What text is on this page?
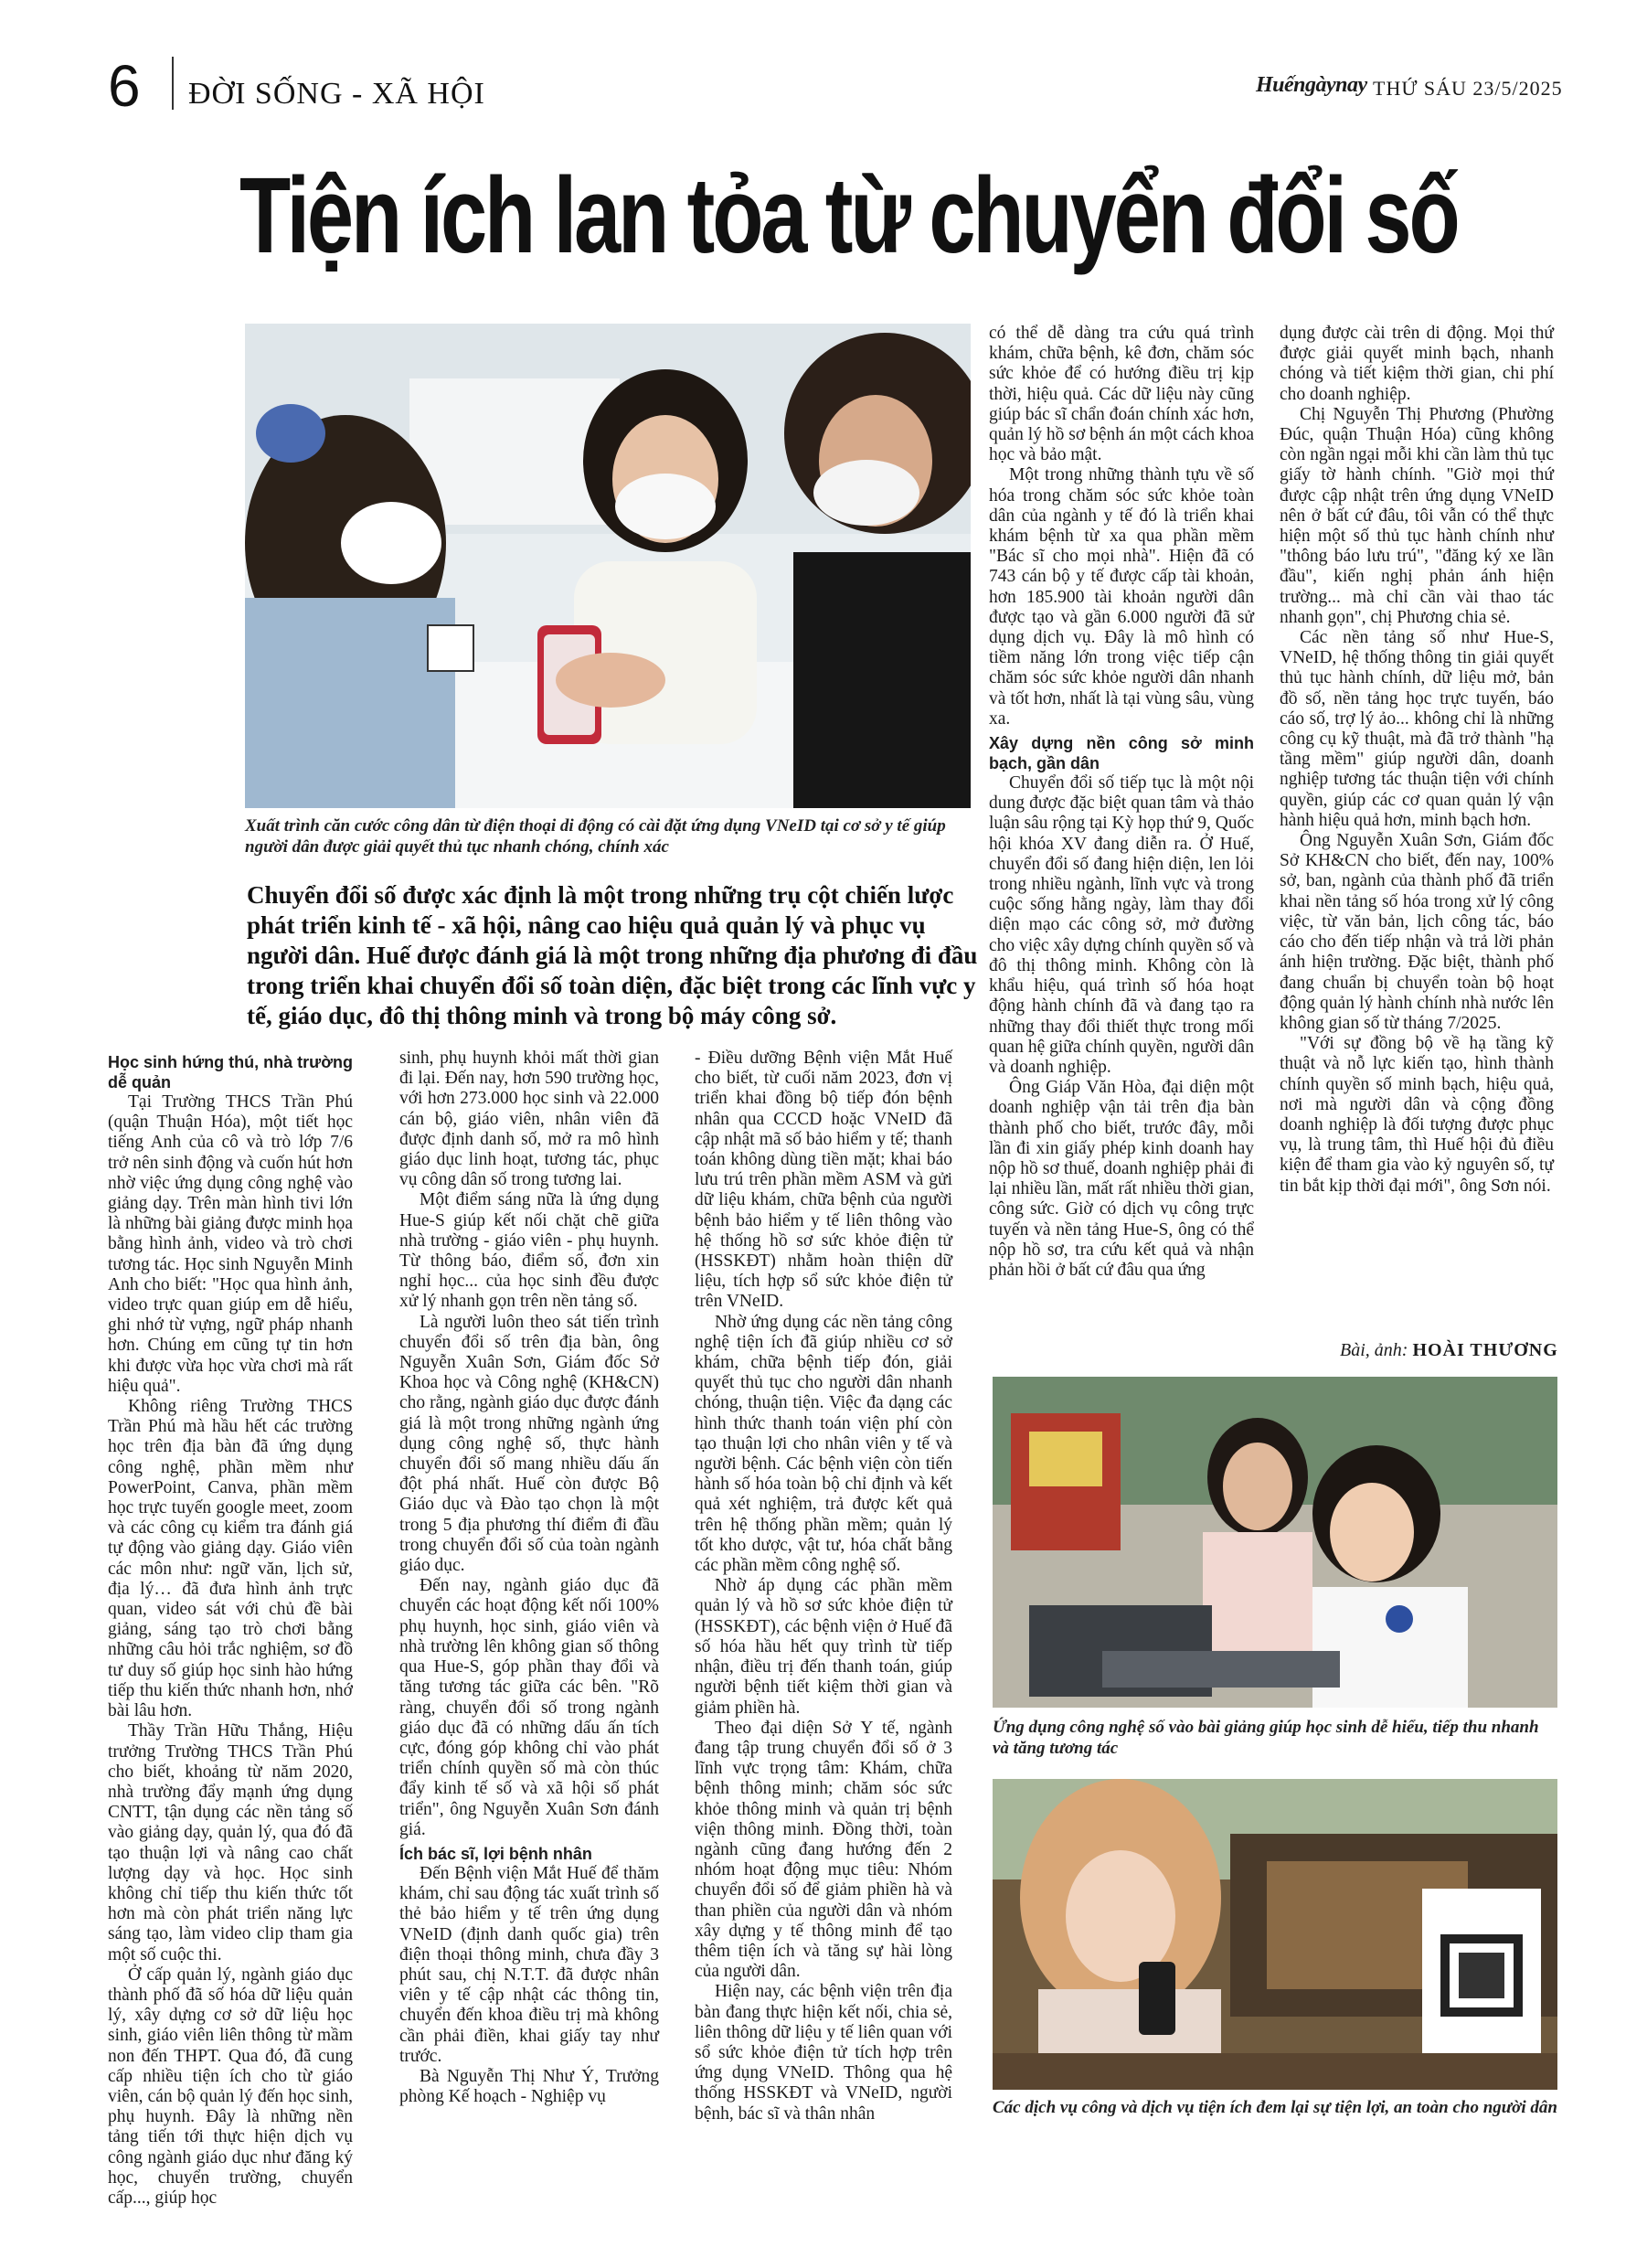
6 ĐỜI SỐNG - XÃ HỘI	Huếngàynay THỨ SÁU 23/5/2025
Tiện ích lan tỏa từ chuyển đổi số
Xuất trình căn cước công dân từ điện thoại di động có cài đặt ứng dụng VNeID tại cơ sở y tế giúp người dân được giải quyết thủ tục nhanh chóng, chính xác
Chuyển đổi số được xác định là một trong những trụ cột chiến lược phát triển kinh tế - xã hội, nâng cao hiệu quả quản lý và phục vụ người dân. Huế được đánh giá là một trong những địa phương đi đầu trong triển khai chuyển đổi số toàn diện, đặc biệt trong các lĩnh vực y tế, giáo dục, đô thị thông minh và trong bộ máy công sở.

Học sinh hứng thú, nhà trường dễ quản

Tại Trường THCS Trần Phú (quận Thuận Hóa), một tiết học tiếng Anh của cô và trò lớp 7/6 trở nên sinh động và cuốn hút hơn nhờ việc ứng dụng công nghệ vào giảng dạy. Trên màn hình tivi lớn là những bài giảng được minh họa bằng hình ảnh, video và trò chơi tương tác. Học sinh Nguyễn Minh Anh cho biết: "Học qua hình ảnh, video trực quan giúp em dễ hiểu, ghi nhớ từ vựng, ngữ pháp nhanh hơn. Chúng em cũng tự tin hơn khi được vừa học vừa chơi mà rất hiệu quả".

Không riêng Trường THCS Trần Phú mà hầu hết các trường học trên địa bàn đã ứng dụng công nghệ, phần mềm như PowerPoint, Canva, phần mềm học trực tuyến google meet, zoom và các công cụ kiểm tra đánh giá tự động vào giảng dạy. Giáo viên các môn như: ngữ văn, lịch sử, địa lý… đã đưa hình ảnh trực quan, video sát với chủ đề bài giảng, sáng tạo trò chơi bằng những câu hỏi trắc nghiệm, sơ đồ tư duy số giúp học sinh hào hứng tiếp thu kiến thức nhanh hơn, nhớ bài lâu hơn.

Thầy Trần Hữu Thắng, Hiệu trưởng Trường THCS Trần Phú cho biết, khoảng từ năm 2020, nhà trường đẩy mạnh ứng dụng CNTT, tận dụng các nền tảng số vào giảng dạy, quản lý, qua đó đã tạo thuận lợi và nâng cao chất lượng dạy và học. Học sinh không chỉ tiếp thu kiến thức tốt hơn mà còn phát triển năng lực sáng tạo, làm video clip tham gia một số cuộc thi.

Ở cấp quản lý, ngành giáo dục thành phố đã số hóa dữ liệu quản lý, xây dựng cơ sở dữ liệu học sinh, giáo viên liên thông từ mầm non đến THPT. Qua đó, đã cung cấp nhiều tiện ích cho từ giáo viên, cán bộ quản lý đến học sinh, phụ huynh. Đây là những nền tảng tiến tới thực hiện dịch vụ công ngành giáo dục như đăng ký học, chuyển trường, chuyển cấp..., giúp học

sinh, phụ huynh khỏi mất thời gian đi lại. Đến nay, hơn 590 trường học, với hơn 273.000 học sinh và 22.000 cán bộ, giáo viên, nhân viên đã được định danh số, mở ra mô hình giáo dục linh hoạt, tương tác, phục vụ công dân số trong tương lai.

Một điểm sáng nữa là ứng dụng Hue-S giúp kết nối chặt chẽ giữa nhà trường - giáo viên - phụ huynh. Từ thông báo, điểm số, đơn xin nghỉ học... của học sinh đều được xử lý nhanh gọn trên nền tảng số.

Là người luôn theo sát tiến trình chuyển đổi số trên địa bàn, ông Nguyễn Xuân Sơn, Giám đốc Sở Khoa học và Công nghệ (KH&CN) cho rằng, ngành giáo dục được đánh giá là một trong những ngành ứng dụng công nghệ số, thực hành chuyển đổi số mang nhiều dấu ấn đột phá nhất. Huế còn được Bộ Giáo dục và Đào tạo chọn là một trong 5 địa phương thí điểm đi đầu trong chuyển đổi số của toàn ngành giáo dục.

Đến nay, ngành giáo dục đã chuyển các hoạt động kết nối 100% phụ huynh, học sinh, giáo viên và nhà trường lên không gian số thông qua Hue-S, góp phần thay đổi và tăng tương tác giữa các bên. "Rõ ràng, chuyển đổi số trong ngành giáo dục đã có những dấu ấn tích cực, đóng góp không chỉ vào phát triển chính quyền số mà còn thúc đẩy kinh tế số và xã hội số phát triển", ông Nguyễn Xuân Sơn đánh giá.

Ích bác sĩ, lợi bệnh nhân

Đến Bệnh viện Mắt Huế để thăm khám, chỉ sau động tác xuất trình số thẻ bảo hiểm y tế trên ứng dụng VNeID (định danh quốc gia) trên điện thoại thông minh, chưa đầy 3 phút sau, chị N.T.T. đã được nhân viên y tế cập nhật các thông tin, chuyển đến khoa điều trị mà không cần phải điền, khai giấy tay như trước.

Bà Nguyễn Thị Như Ý, Trưởng phòng Kế hoạch - Nghiệp vụ

- Điều dưỡng Bệnh viện Mắt Huế cho biết, từ cuối năm 2023, đơn vị triển khai đồng bộ tiếp đón bệnh nhân qua CCCD hoặc VNeID đã cập nhật mã số bảo hiểm y tế; thanh toán không dùng tiền mặt; khai báo lưu trú trên phần mềm ASM và gửi dữ liệu khám, chữa bệnh của người bệnh bảo hiểm y tế liên thông vào hệ thống hồ sơ sức khỏe điện tử (HSSKĐT) nhằm hoàn thiện dữ liệu, tích hợp sổ sức khỏe điện tử trên VNeID.

Nhờ ứng dụng các nền tảng công nghệ tiện ích đã giúp nhiều cơ sở khám, chữa bệnh tiếp đón, giải quyết thủ tục cho người dân nhanh chóng, thuận tiện. Việc đa dạng các hình thức thanh toán viện phí còn tạo thuận lợi cho nhân viên y tế và người bệnh. Các bệnh viện còn tiến hành số hóa toàn bộ chỉ định và kết quả xét nghiệm, trả được kết quả trên hệ thống phần mềm; quản lý tốt kho dược, vật tư, hóa chất bằng các phần mềm công nghệ số.

Nhờ áp dụng các phần mềm quản lý và hồ sơ sức khỏe điện tử (HSSKĐT), các bệnh viện ở Huế đã số hóa hầu hết quy trình từ tiếp nhận, điều trị đến thanh toán, giúp người bệnh tiết kiệm thời gian và giảm phiền hà.

Theo đại diện Sở Y tế, ngành đang tập trung chuyển đổi số ở 3 lĩnh vực trọng tâm: Khám, chữa bệnh thông minh; chăm sóc sức khỏe thông minh và quản trị bệnh viện thông minh. Đồng thời, toàn ngành cũng đang hướng đến 2 nhóm hoạt động mục tiêu: Nhóm chuyển đổi số để giảm phiền hà và than phiền của người dân và nhóm xây dựng y tế thông minh để tạo thêm tiện ích và tăng sự hài lòng của người dân.

Hiện nay, các bệnh viện trên địa bàn đang thực hiện kết nối, chia sẻ, liên thông dữ liệu y tế liên quan với sổ sức khỏe điện tử tích hợp trên ứng dụng VNeID. Thông qua hệ thống HSSKĐT và VNeID, người bệnh, bác sĩ và thân nhân

có thể dễ dàng tra cứu quá trình khám, chữa bệnh, kê đơn, chăm sóc sức khỏe để có hướng điều trị kịp thời, hiệu quả. Các dữ liệu này cũng giúp bác sĩ chẩn đoán chính xác hơn, quản lý hồ sơ bệnh án một cách khoa học và bảo mật.

Một trong những thành tựu về số hóa trong chăm sóc sức khỏe toàn dân của ngành y tế đó là triển khai khám bệnh từ xa qua phần mềm "Bác sĩ cho mọi nhà". Hiện đã có 743 cán bộ y tế được cấp tài khoản, hơn 185.900 tài khoản người dân được tạo và gần 6.000 người đã sử dụng dịch vụ. Đây là mô hình có tiềm năng lớn trong việc tiếp cận chăm sóc sức khỏe người dân nhanh và tốt hơn, nhất là tại vùng sâu, vùng xa.

Xây dựng nền công sở minh bạch, gần dân

Chuyển đổi số tiếp tục là một nội dung được đặc biệt quan tâm và thảo luận sâu rộng tại Kỳ họp thứ 9, Quốc hội khóa XV đang diễn ra. Ở Huế, chuyển đổi số đang hiện diện, len lỏi trong nhiều ngành, lĩnh vực và trong cuộc sống hằng ngày, làm thay đổi diện mạo các công sở, mở đường cho việc xây dựng chính quyền số và đô thị thông minh. Không còn là khẩu hiệu, quá trình số hóa hoạt động hành chính đã và đang tạo ra những thay đổi thiết thực trong mối quan hệ giữa chính quyền, người dân và doanh nghiệp.

Ông Giáp Văn Hòa, đại diện một doanh nghiệp vận tải trên địa bàn thành phố cho biết, trước đây, mỗi lần đi xin giấy phép kinh doanh hay nộp hồ sơ thuế, doanh nghiệp phải đi lại nhiều lần, mất rất nhiều thời gian, công sức. Giờ có dịch vụ công trực tuyến và nền tảng Hue-S, ông có thể nộp hồ sơ, tra cứu kết quả và nhận phản hồi ở bất cứ đâu qua ứng

dụng được cài trên di động. Mọi thứ được giải quyết minh bạch, nhanh chóng và tiết kiệm thời gian, chi phí cho doanh nghiệp.

Chị Nguyễn Thị Phương (Phường Đúc, quận Thuận Hóa) cũng không còn ngần ngại mỗi khi cần làm thủ tục giấy tờ hành chính. "Giờ mọi thứ được cập nhật trên ứng dụng VNeID nên ở bất cứ đâu, tôi vẫn có thể thực hiện một số thủ tục hành chính như "thông báo lưu trú", "đăng ký xe lần đầu", kiến nghị phản ánh hiện trường... mà chỉ cần vài thao tác nhanh gọn", chị Phương chia sẻ.

Các nền tảng số như Hue-S, VNeID, hệ thống thông tin giải quyết thủ tục hành chính, dữ liệu mở, bản đồ số, nền tảng học trực tuyến, báo cáo số, trợ lý ảo... không chỉ là những công cụ kỹ thuật, mà đã trở thành "hạ tầng mềm" giúp người dân, doanh nghiệp tương tác thuận tiện với chính quyền, giúp các cơ quan quản lý vận hành hiệu quả hơn, minh bạch hơn.

Ông Nguyễn Xuân Sơn, Giám đốc Sở KH&CN cho biết, đến nay, 100% sở, ban, ngành của thành phố đã triển khai nền tảng số hóa trong xử lý công việc, từ văn bản, lịch công tác, báo cáo cho đến tiếp nhận và trả lời phản ánh hiện trường. Đặc biệt, thành phố đang chuẩn bị chuyển toàn bộ hoạt động quản lý hành chính nhà nước lên không gian số từ tháng 7/2025.

"Với sự đồng bộ về hạ tầng kỹ thuật và nỗ lực kiến tạo, hình thành chính quyền số minh bạch, hiệu quả, nơi mà người dân và cộng đồng doanh nghiệp là đối tượng được phục vụ, là trung tâm, thì Huế hội đủ điều kiện để tham gia vào kỷ nguyên số, tự tin bắt kịp thời đại mới", ông Sơn nói.

Bài, ảnh: HOÀI THƯƠNG
Ứng dụng công nghệ số vào bài giảng giúp học sinh dễ hiểu, tiếp thu nhanh và tăng tương tác
Các dịch vụ công và dịch vụ tiện ích đem lại sự tiện lợi, an toàn cho người dân
